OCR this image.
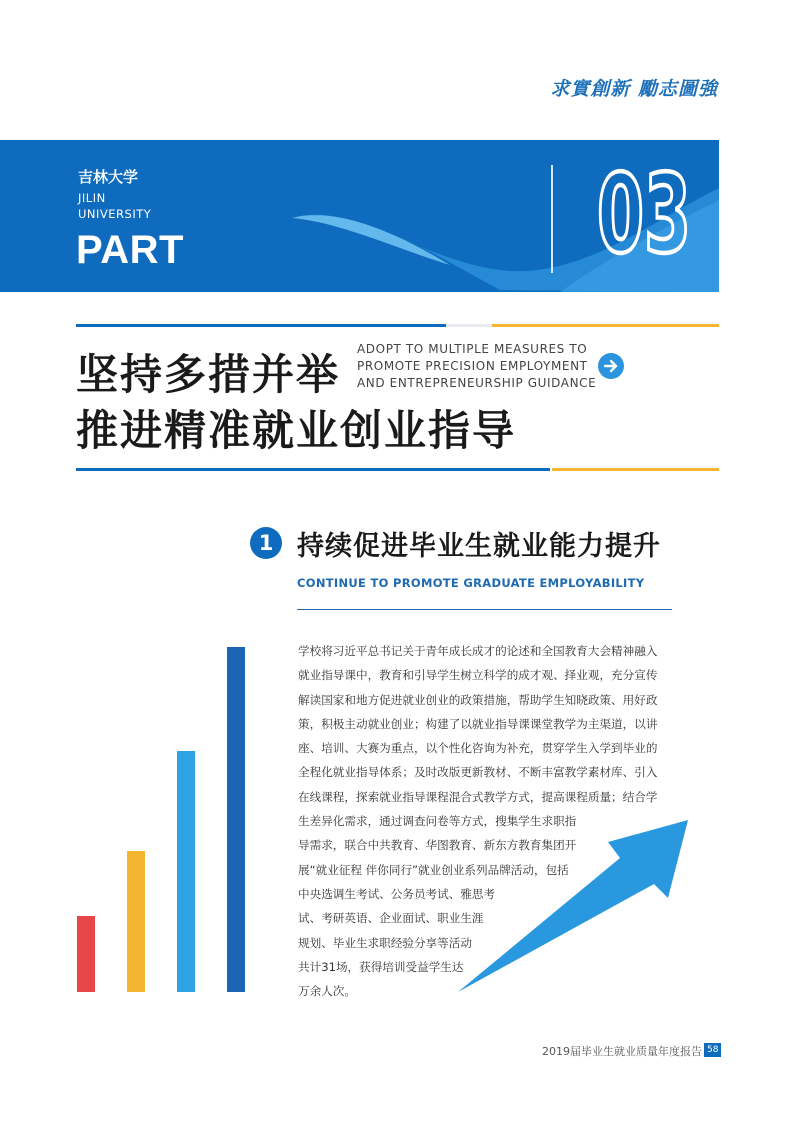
求實創新 勵志圖強
吉林大学
JILIN
UNIVERSITY
PART	03
坚持多措并举
推进精准就业创业指导
ADOPT TO MULTIPLE MEASURES TO
PROMOTE PRECISION EMPLOYMENT
AND ENTREPRENEURSHIP GUIDANCE
1 持续促进毕业生就业能力提升
CONTINUE TO PROMOTE GRADUATE EMPLOYABILITY
学校将习近平总书记关于青年成长成才的论述和全国教育大会精神融入
就业指导课中，教育和引导学生树立科学的成才观、择业观，充分宣传
解读国家和地方促进就业创业的政策措施，帮助学生知晓政策、用好政
策，积极主动就业创业；构建了以就业指导课课堂教学为主渠道，以讲
座、培训、大赛为重点，以个性化咨询为补充，贯穿学生入学到毕业的
全程化就业指导体系；及时改版更新教材、不断丰富教学素材库、引入
在线课程，探索就业指导课程混合式教学方式，提高课程质量；结合学
生差异化需求，通过调查问卷等方式，搜集学生求职指
导需求，联合中共教育、华图教育、新东方教育集团开
展“就业征程 伴你同行”就业创业系列品牌活动，包括
中央选调生考试、公务员考试、雅思考
试、考研英语、企业面试、职业生涯
规划、毕业生求职经验分享等活动
共计31场，获得培训受益学生达
万余人次。
2019届毕业生就业质量年度报告 58
